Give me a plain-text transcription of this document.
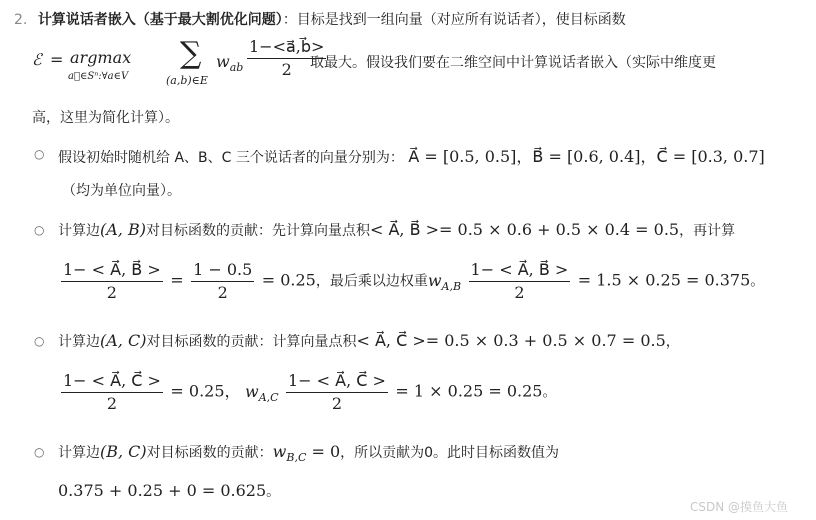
2. 计算说话者嵌入（基于最大割优化问题）：目标是找到一组向量（对应所有说话者），使目标函数
ℰ = argmax
a⃗∈Sⁿ:∀a∈V
∑
(a,b)∈E
$w_{ab} \frac{1-<a⃗,b⃗>}{2}$
取最大。假设我们要在二维空间中计算说话者嵌入（实际中维度更
高，这里为简化计算）。
○ 假设初始时随机给 A、B、C 三个说话者的向量分别为： A⃗ = [0.5, 0.5]，B⃗ = [0.6, 0.4]，C⃗ = [0.3, 0.7]
（均为单位向量）。
○ 计算边(A, B)对目标函数的贡献：先计算向量点积< A⃗, B⃗ >= 0.5 × 0.6 + 0.5 × 0.4 = 0.5，再计算
$\frac{1- < A⃗, B⃗ >}{2} = \frac{1 - 0.5}{2} = 0.25$，最后乘以边权重$w_{A,B} \frac{1- < A⃗, B⃗ >}{2} = 1.5 \times 0.25 = 0.375$。
○ 计算边(A, C)对目标函数的贡献：计算向量点积< A⃗, C⃗ >= 0.5 × 0.3 + 0.5 × 0.7 = 0.5，
$\frac{1- < A⃗, C⃗ >}{2} = 0.25$， $w_{A,C} \frac{1- < A⃗, C⃗ >}{2} = 1 \times 0.25 = 0.25$。
○ 计算边(B, C)对目标函数的贡献：$w_{B,C} = 0$，所以贡献为0。此时目标函数值为
0.375 + 0.25 + 0 = 0.625。
CSDN @摸鱼大鱼
